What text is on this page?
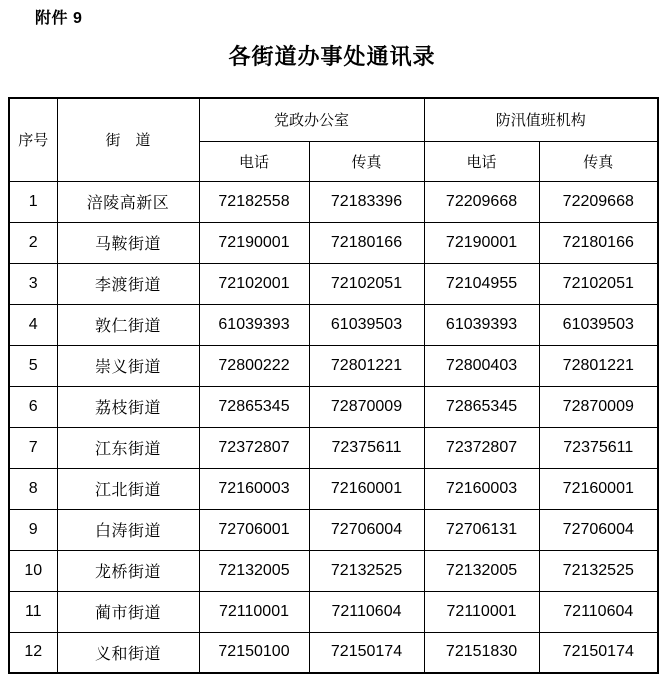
附件 9
各街道办事处通讯录
序号	街　道	党政办公室		防汛值班机构	
		电话	传真	电话	传真
1	涪陵高新区	72182558	72183396	72209668	72209668
2	马鞍街道	72190001	72180166	72190001	72180166
3	李渡街道	72102001	72102051	72104955	72102051
4	敦仁街道	61039393	61039503	61039393	61039503
5	崇义街道	72800222	72801221	72800403	72801221
6	荔枝街道	72865345	72870009	72865345	72870009
7	江东街道	72372807	72375611	72372807	72375611
8	江北街道	72160003	72160001	72160003	72160001
9	白涛街道	72706001	72706004	72706131	72706004
10	龙桥街道	72132005	72132525	72132005	72132525
11	蔺市街道	72110001	72110604	72110001	72110604
12	义和街道	72150100	72150174	72151830	72150174
